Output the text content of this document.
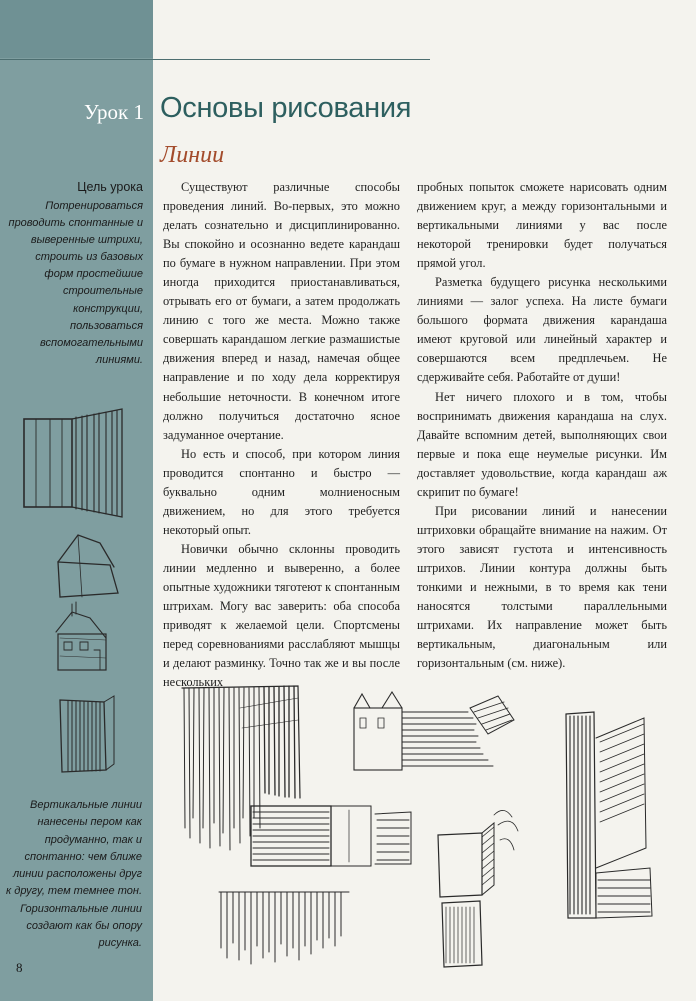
Урок 1 Основы рисования
Линии
Цель урока
Потренироваться проводить спонтанные и выверенные штрихи, строить из базовых форм простейшие строительные конструкции, пользоваться вспомогательными линиями.
Вертикальные линии нанесены пером как продуманно, так и спонтанно: чем ближе линии расположены друг к другу, тем темнее тон. Горизонтальные линии создают как бы опору рисунка.
8

Существуют различные способы проведения линий. Во-первых, это можно делать сознательно и дисциплинированно. Вы спокойно и осознанно ведете карандаш по бумаге в нужном направлении. При этом иногда приходится приостанавливаться, отрывать его от бумаги, а затем продолжать линию с того же места. Можно также совершать карандашом легкие размашистые движения вперед и назад, намечая общее направление и по ходу дела корректируя небольшие неточности. В конечном итоге должно получиться достаточно ясное задуманное очертание.

Но есть и способ, при котором линия проводится спонтанно и быстро — буквально одним молниеносным движением, но для этого требуется некоторый опыт.

Новички обычно склонны проводить линии медленно и выверенно, а более опытные художники тяготеют к спонтанным штрихам. Могу вас заверить: оба способа приводят к желаемой цели. Спортсмены перед соревнованиями расслабляют мышцы и делают разминку. Точно так же и вы после нескольких

пробных попыток сможете нарисовать одним движением круг, а между горизонтальными и вертикальными линиями у вас после некоторой тренировки будет получаться прямой угол.

Разметка будущего рисунка несколькими линиями — залог успеха. На листе бумаги большого формата движения карандаша имеют круговой или линейный характер и совершаются всем предплечьем. Не сдерживайте себя. Работайте от души!

Нет ничего плохого и в том, чтобы воспринимать движения карандаша на слух. Давайте вспомним детей, выполняющих свои первые и пока еще неумелые рисунки. Им доставляет удовольствие, когда карандаш аж скрипит по бумаге!

При рисовании линий и нанесении штриховки обращайте внимание на нажим. От этого зависят густота и интенсивность штрихов. Линии контура должны быть тонкими и нежными, в то время как тени наносятся толстыми параллельными штрихами. Их направление может быть вертикальным, диагональным или горизонтальным (см. ниже).
